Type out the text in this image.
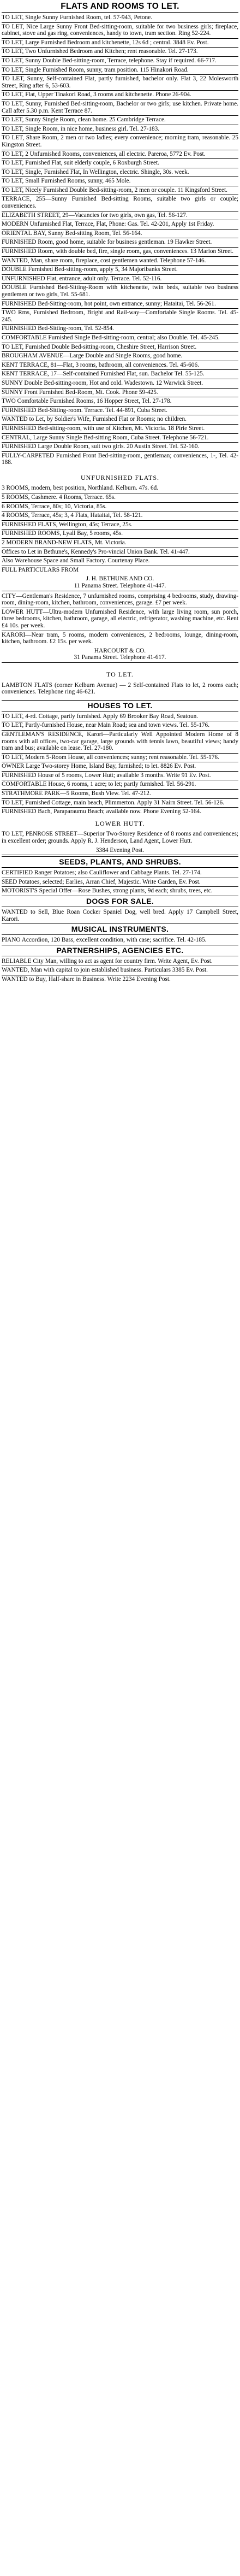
FLATS AND ROOMS TO LET.

TO LET, Single Sunny Furnished Room, tel. 57-943, Petone.

TO LET, Nice Large Sunny Front Bed-sitting-room, suitable for two business girls; fireplace, cabinet, stove and gas ring, conveniences, handy to town, tram section. Ring 52-224.

TO LET, Large Furnished Bedroom and kitchenette, 12s 6d ; central. 3848 Ev. Post.

TO LET, Two Unfurnished Bedroom and Kitchen; rent reasonable. Tel. 27-173.

TO LET, Sunny Double Bed-sitting-room, Terrace, telephone. Stay if required. 66-717.

TO LET, Single Furnished Room, sunny, tram position. 115 Hinakori Road.

TO LET, Sunny, Self-contained Flat, partly furnished, bachelor only. Flat 3, 22 Molesworth Street, Ring after 6, 53-603.

TO LET, Flat, Upper Tinakori Road, 3 rooms and kitchenette. Phone 26-904.

TO LET, Sunny, Furnished Bed-sitting-room, Bachelor or two girls; use kitchen. Private home. Call after 5.30 p.m. Kent Terrace 87.

TO LET, Sunny Single Room, clean home. 25 Cambridge Terrace.

TO LET, Single Room, in nice home, business girl. Tel. 27-183.

TO LET, Share Room, 2 men or two ladies; every convenience; morning tram, reasonable. 25 Kingston Street.

TO LET, 2 Unfurnished Rooms, conveniences, all electric. Pareroa, 5772 Ev. Post.

TO LET, Furnished Flat, suit elderly couple, 6 Roxburgh Street.

TO LET, Single, Furnished Flat, In Wellington, electric. Shingle, 30s. week.

TO LET, Small Furnished Rooms, sunny, 465 Mole.

TO LET, Nicely Furnished Double Bed-sitting-room, 2 men or couple. 11 Kingsford Street.

TERRACE, 255—Sunny Furnished Bed-sitting Rooms, suitable two girls or couple; conveniences.

ELIZABETH STREET, 29—Vacancies for two girls, own gas, Tel. 56-127.

MODERN Unfurnished Flat, Terrace, Flat, Phone: Gas. Tel. 42-201, Apply 1st Friday.

ORIENTAL BAY, Sunny Bed-sitting Room, Tel. 56-164.

FURNISHED Room, good home, suitable for business gentleman. 19 Hawker Street.

FURNISHED Room, with double bed, fire, single room, gas, conveniences. 13 Marion Street.

WANTED, Man, share room, fireplace, cost gentlemen wanted. Telephone 57-146.

DOUBLE Furnished Bed-sitting-room, apply 5, 34 Majoribanks Street.

UNFURNISHED Flat, entrance, adult only. Terrace. Tel. 52-116.

DOUBLE Furnished Bed-Sitting-Room with kitchenette, twin beds, suitable two business gentlemen or two girls, Tel. 55-681.

FURNISHED Bed-Sitting-room, hot point, own entrance, sunny; Hataitai, Tel. 56-261.

TWO Rms, Furnished Bedroom, Bright and Rail-way—Comfortable Single Rooms. Tel. 45-245.

FURNISHED Bed-Sitting-room, Tel. 52-854.

COMFORTABLE Furnished Single Bed-sitting-room, central; also Double. Tel. 45-245.

TO LET, Furnished Double Bed-sitting-room, Cheshire Street, Harrison Street.

BROUGHAM AVENUE—Large Double and Single Rooms, good home.

KENT TERRACE, 81—Flat, 3 rooms, bathroom, all conveniences. Tel. 45-606.

KENT TERRACE, 17—Self-contained Furnished Flat, sun. Bachelor Tel. 55-125.

SUNNY Double Bed-sitting-room, Hot and cold. Wadestown. 12 Warwick Street.

SUNNY Front Furnished Bed-Room, Mt. Cook. Phone 59-425.

TWO Comfortable Furnished Rooms, 16 Hopper Street, Tel. 27-178.

FURNISHED Bed-Sitting-room. Terrace. Tel. 44-891, Cuba Street.

WANTED to Let, by Soldier's Wife, Furnished Flat or Rooms; no children.

FURNISHED Bed-sitting-room, with use of Kitchen, Mt. Victoria. 18 Pirie Street.

CENTRAL, Large Sunny Single Bed-sitting Room, Cuba Street. Telephone 56-721.

FURNISHED Large Double Room, suit two girls. 20 Austin Street. Tel. 52-160.

FULLY-CARPETED Furnished Front Bed-sitting-room, gentleman; conveniences, 1-, Tel. 42-188.

UNFURNISHED FLATS.

3 ROOMS, modern, best position, Northland. Kelburn. 47s. 6d.

5 ROOMS, Cashmere. 4 Rooms, Terrace. 65s.

6 ROOMS, Terrace, 80s; 10, Victoria, 85s.

4 ROOMS, Terrace, 45s; 3, 4 Flats, Hataitai, Tel. 58-121.

FURNISHED FLATS, Wellington, 45s; Terrace, 25s.

FURNISHED ROOMS, Lyall Bay, 5 rooms, 45s.

2 MODERN BRAND-NEW FLATS, Mt. Victoria.

Offices to Let in Bethune's, Kennedy's Pro-vincial Union Bank. Tel. 41-447.

Also Warehouse Space and Small Factory. Courtenay Place.

FULL PARTICULARS FROM

J. H. BETHUNE AND CO.

11 Panama Street. Telephone 41-447.

CITY—Gentleman's Residence, 7 unfurnished rooms, comprising 4 bedrooms, study, drawing-room, dining-room, kitchen, bathroom, conveniences, garage. £7 per week.

LOWER HUTT—Ultra-modern Unfurnished Residence, with large living room, sun porch, three bedrooms, kitchen, bathroom, garage, all electric, refrigerator, washing machine, etc. Rent £4 10s. per week.

KARORI—Near tram, 5 rooms, modern conveniences, 2 bedrooms, lounge, dining-room, kitchen, bathroom. £2 15s. per week.

HARCOURT & CO.

31 Panama Street. Telephone 41-617.

TO LET.

LAMBTON FLATS (corner Kelburn Avenue) — 2 Self-contained Flats to let, 2 rooms each; conveniences. Telephone ring 46-621.

HOUSES TO LET.

TO LET, 4-rd. Cottage, partly furnished. Apply 69 Brooker Bay Road, Seatoun.

TO LET, Partly-furnished House, near Main Road; sea and town views. Tel. 55-176.

GENTLEMAN'S RESIDENCE, Karori—Particularly Well Appointed Modern Home of 8 rooms with all offices, two-car garage, large grounds with tennis lawn, beautiful views; handy tram and bus; available on lease. Tel. 27-180.

TO LET, Modern 5-Room House, all conveniences; sunny; rent reasonable. Tel. 55-176.

OWNER Large Two-storey Home, Island Bay, furnished; to let. 8826 Ev. Post.

FURNISHED House of 5 rooms, Lower Hutt; available 3 months. Write 91 Ev. Post.

COMFORTABLE House, 6 rooms, 1 acre; to let; partly furnished. Tel. 56-291.

STRATHMORE PARK—5 Rooms, Bush View. Tel. 47-212.

TO LET, Furnished Cottage, main beach, Plimmerton. Apply 31 Nairn Street. Tel. 56-126.

FURNISHED Bach, Paraparaumu Beach; available now. Phone Evening 52-164.

LOWER HUTT.

TO LET, PENROSE STREET—Superior Two-Storey Residence of 8 rooms and conveniences; in excellent order; grounds. Apply R. J. Henderson, Land Agent, Lower Hutt.

3384 Evening Post.

SEEDS, PLANTS, AND SHRUBS.

CERTIFIED Ranger Potatoes; also Cauliflower and Cabbage Plants. Tel. 27-174.

SEED Potatoes, selected; Earlies, Arran Chief, Majestic. Write Garden, Ev. Post.

MOTORIST'S Special Offer—Rose Bushes, strong plants, 9d each; shrubs, trees, etc.

DOGS FOR SALE.

WANTED to Sell, Blue Roan Cocker Spaniel Dog, well bred. Apply 17 Campbell Street, Karori.

MUSICAL INSTRUMENTS.

PIANO Accordion, 120 Bass, excellent condition, with case; sacrifice. Tel. 42-185.

PARTNERSHIPS, AGENCIES ETC.

RELIABLE City Man, willing to act as agent for country firm. Write Agent, Ev. Post.

WANTED, Man with capital to join established business. Particulars 3385 Ev. Post.

WANTED to Buy, Half-share in Business. Write 2234 Evening Post.
